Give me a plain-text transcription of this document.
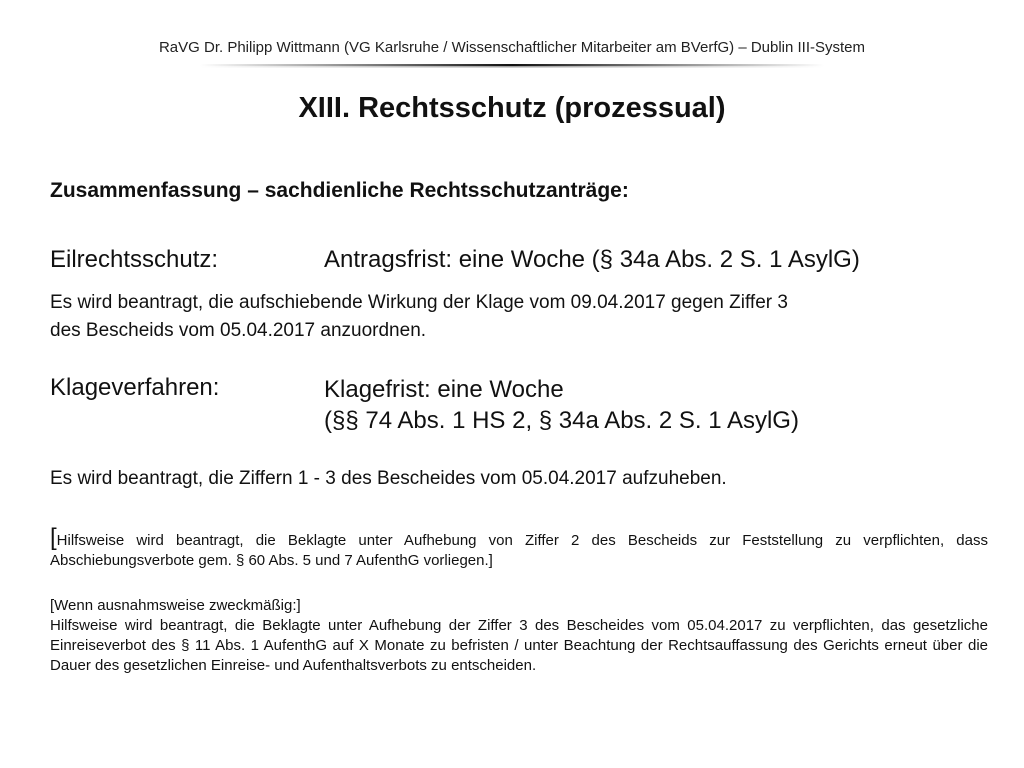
RaVG Dr. Philipp Wittmann (VG Karlsruhe / Wissenschaftlicher Mitarbeiter am BVerfG) – Dublin III-System
XIII. Rechtsschutz (prozessual)
Zusammenfassung – sachdienliche Rechtsschutzanträge:
Eilrechtsschutz:	Antragsfrist: eine Woche (§ 34a Abs. 2 S. 1 AsylG)
Es wird beantragt, die aufschiebende Wirkung der Klage vom 09.04.2017 gegen Ziffer 3
des Bescheids vom 05.04.2017 anzuordnen.
Klageverfahren:	Klagefrist: eine Woche
(§§ 74 Abs. 1 HS 2, § 34a Abs. 2 S. 1 AsylG)
Es wird beantragt, die Ziffern 1 - 3 des Bescheides vom 05.04.2017 aufzuheben.
[Hilfsweise wird beantragt, die Beklagte unter Aufhebung von Ziffer 2 des Bescheids zur Feststellung zu verpflichten, dass Abschiebungsverbote gem. § 60 Abs. 5 und 7 AufenthG vorliegen.]
[Wenn ausnahmsweise zweckmäßig:]
Hilfsweise wird beantragt, die Beklagte unter Aufhebung der Ziffer 3 des Bescheides vom 05.04.2017 zu verpflichten, das gesetzliche Einreiseverbot des § 11 Abs. 1 AufenthG auf X Monate zu befristen / unter Beachtung der Rechtsauffassung des Gerichts erneut über die Dauer des gesetzlichen Einreise- und Aufenthaltsverbots zu entscheiden.
